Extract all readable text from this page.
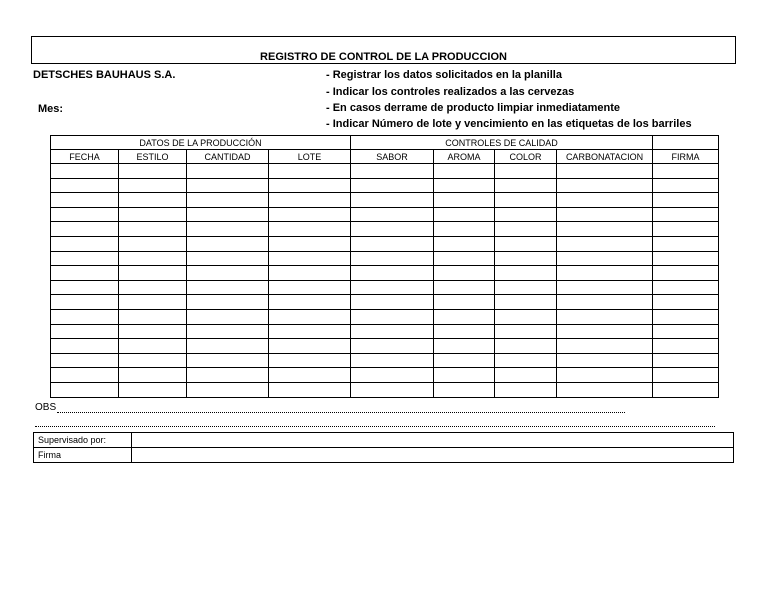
REGISTRO DE CONTROL DE LA PRODUCCION
DETSCHES BAUHAUS S.A.
Mes:
- Registrar los datos solicitados en la planilla
- Indicar los controles realizados a las cervezas
- En casos derrame de producto limpiar inmediatamente
- Indicar Número de lote y vencimiento en las etiquetas de los barriles
DATOS DE LA PRODUCCIÓN				CONTROLES DE CALIDAD				
FECHA	ESTILO	CANTIDAD	LOTE	SABOR	AROMA	COLOR	CARBONATACION	FIRMA

OBS
Supervisado por:	
Firma	
